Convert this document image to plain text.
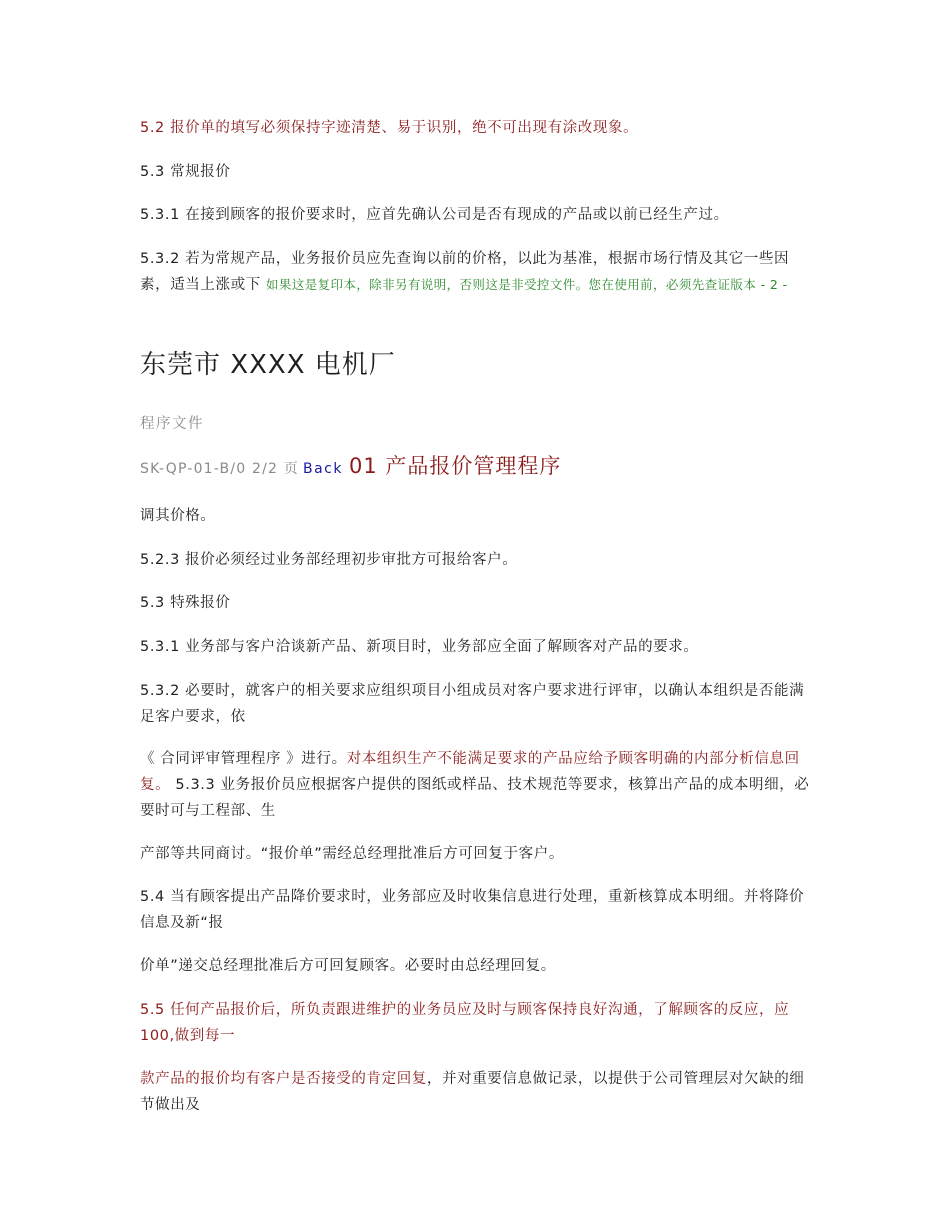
5.2 报价单的填写必须保持字迹清楚、易于识别，绝不可出现有涂改现象。

5.3 常规报价

5.3.1 在接到顾客的报价要求时，应首先确认公司是否有现成的产品或以前已经生产过。

5.3.2 若为常规产品，业务报价员应先查询以前的价格，以此为基准，根据市场行情及其它一些因素，适当上涨或下 如果这是复印本，除非另有说明，否则这是非受控文件。您在使用前，必须先查证版本 - 2 -

东莞市 XXXX 电机厂

程序文件

SK-QP-01-B/0 2/2 页 Back 01 产品报价管理程序

调其价格。

5.2.3 报价必须经过业务部经理初步审批方可报给客户。

5.3 特殊报价

5.3.1 业务部与客户洽谈新产品、新项目时，业务部应全面了解顾客对产品的要求。

5.3.2 必要时，就客户的相关要求应组织项目小组成员对客户要求进行评审，以确认本组织是否能满足客户要求，依

《 合同评审管理程序 》进行。对本组织生产不能满足要求的产品应给予顾客明确的内部分析信息回复。 5.3.3 业务报价员应根据客户提供的图纸或样品、技术规范等要求，核算出产品的成本明细，必要时可与工程部、生

产部等共同商讨。“报价单”需经总经理批准后方可回复于客户。

5.4 当有顾客提出产品降价要求时，业务部应及时收集信息进行处理，重新核算成本明细。并将降价信息及新“报

价单”递交总经理批准后方可回复顾客。必要时由总经理回复。

5.5 任何产品报价后，所负责跟进维护的业务员应及时与顾客保持良好沟通，了解顾客的反应，应 100,做到每一

款产品的报价均有客户是否接受的肯定回复，并对重要信息做记录，以提供于公司管理层对欠缺的细节做出及
